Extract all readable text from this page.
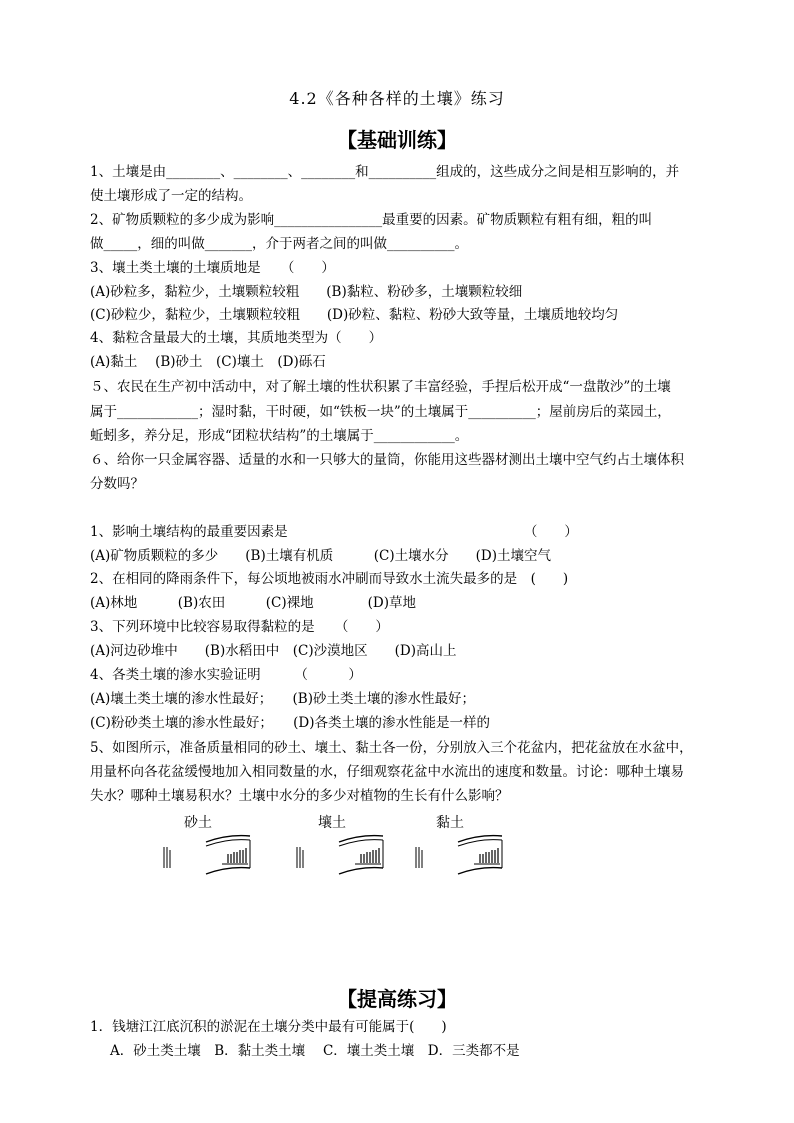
4.2《各种各样的土壤》练习
【基础训练】
1、土壤是由________、________、________和__________组成的，这些成分之间是相互影响的，并
使土壤形成了一定的结构。
2、矿物质颗粒的多少成为影响________________最重要的因素。矿物质颗粒有粗有细，粗的叫
做_____，细的叫做_______，介于两者之间的叫做__________。
3、壤土类土壤的土壤质地是　　（　　）
(A)砂粒多，黏粒少，土壤颗粒较粗　　(B)黏粒、粉砂多，土壤颗粒较细
(C)砂粒少，黏粒少，土壤颗粒较粗　　(D)砂粒、黏粒、粉砂大致等量，土壤质地较均匀
4、黏粒含量最大的土壤，其质地类型为（　　）
(A)黏土　 (B)砂土　(C)壤土　(D)砾石
５、农民在生产初中活动中，对了解土壤的性状积累了丰富经验，手捏后松开成“一盘散沙”的土壤
属于____________；湿时黏，干时硬，如“铁板一块”的土壤属于__________；屋前房后的菜园土，
蚯蚓多，养分足，形成“团粒状结构”的土壤属于____________。
６、给你一只金属容器、适量的水和一只够大的量筒，你能用这些器材测出土壤中空气约占土壤体积
分数吗？
1、影响土壤结构的最重要因素是　　　　　　　　　　　　　　　　　　（　　）
(A)矿物质颗粒的多少　　(B)土壤有机质　　　(C)土壤水分　　(D)土壤空气
2、在相同的降雨条件下，每公顷地被雨水冲刷而导致水土流失最多的是　(　　)
(A)林地　　　(B)农田　　　(C)裸地　　　　(D)草地
3、下列环境中比较容易取得黏粒的是　　（　　）
(A)河边砂堆中　　(B)水稻田中　(C)沙漠地区　　(D)高山上
4、各类土壤的渗水实验证明　　　（　　　）
(A)壤土类土壤的渗水性最好；　　(B)砂土类土壤的渗水性最好；
(C)粉砂类土壤的渗水性最好；　　(D)各类土壤的渗水性能是一样的
5、如图所示，准备质量相同的砂土、壤土、黏土各一份，分别放入三个花盆内，把花盆放在水盆中，
用量杯向各花盆缓慢地加入相同数量的水，仔细观察花盆中水流出的速度和数量。讨论：哪种土壤易
失水？哪种土壤易积水？土壤中水分的多少对植物的生长有什么影响？
砂土	壤土	黏土
【提高练习】
1．钱塘江江底沉积的淤泥在土壤分类中最有可能属于(　　)
A．砂土类土壤　B．黏土类土壤　 C．壤土类土壤　D．三类都不是
